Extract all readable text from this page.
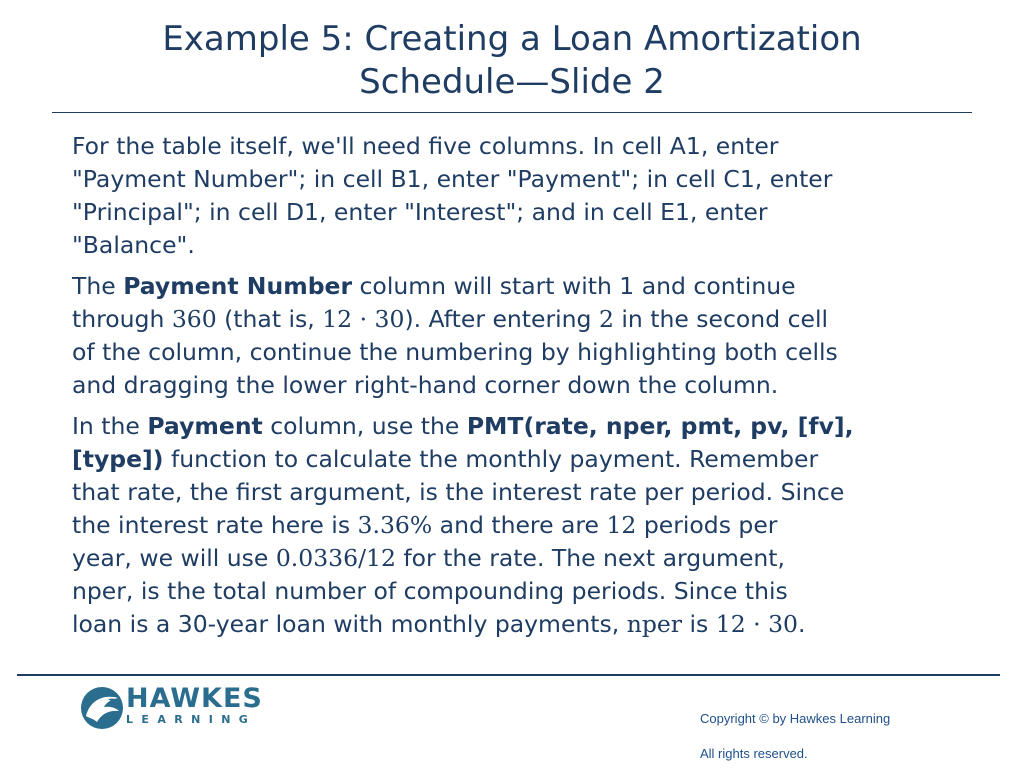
Example 5: Creating a Loan Amortization
Schedule—Slide 2
For the table itself, we'll need five columns. In cell A1, enter
"Payment Number"; in cell B1, enter "Payment"; in cell C1, enter
"Principal"; in cell D1, enter "Interest"; and in cell E1, enter
"Balance".
The Payment Number column will start with 1 and continue
through 360 (that is, 12 · 30). After entering 2 in the second cell
of the column, continue the numbering by highlighting both cells
and dragging the lower right-hand corner down the column.
In the Payment column, use the PMT(rate, nper, pmt, pv, [fv],
[type]) function to calculate the monthly payment. Remember
that rate, the first argument, is the interest rate per period. Since
the interest rate here is 3.36% and there are 12 periods per
year, we will use 0.0336/12 for the rate. The next argument,
nper, is the total number of compounding periods. Since this
loan is a 30-year loan with monthly payments, nper is 12 · 30.
HAWKES
LEARNING	Copyright © by Hawkes Learning
All rights reserved.
